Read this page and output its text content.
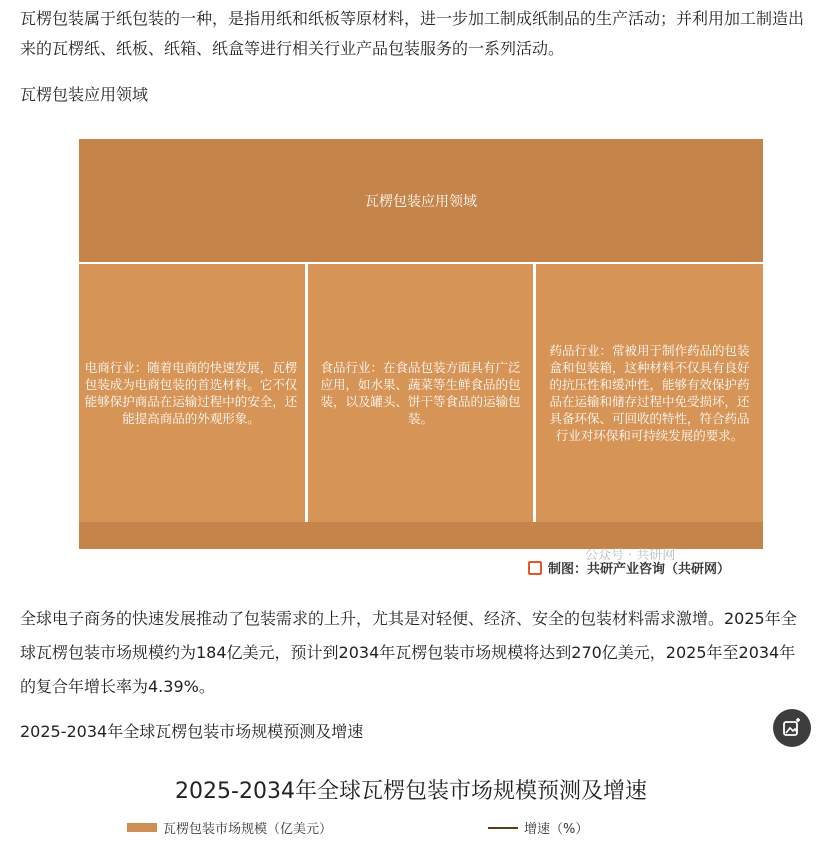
瓦楞包装属于纸包装的一种，是指用纸和纸板等原材料，进一步加工制成纸制品的生产活动；并利用加工制造出来的瓦楞纸、纸板、纸箱、纸盒等进行相关行业产品包装服务的一系列活动。

瓦楞包装应用领域
瓦楞包装应用领域
电商行业：随着电商的快速发展，瓦楞包装成为电商包装的首选材料。它不仅能够保护商品在运输过程中的安全，还能提高商品的外观形象。
食品行业：在食品包装方面具有广泛应用，如水果、蔬菜等生鲜食品的包装，以及罐头、饼干等食品的运输包装。
药品行业：常被用于制作药品的包装盒和包装箱，这种材料不仅具有良好的抗压性和缓冲性，能够有效保护药品在运输和储存过程中免受损坏，还具备环保、可回收的特性，符合药品行业对环保和可持续发展的要求。
公众号 · 共研网
制图：共研产业咨询（共研网）

全球电子商务的快速发展推动了包装需求的上升，尤其是对轻便、经济、安全的包装材料需求激增。2025年全球瓦楞包装市场规模约为184亿美元，预计到2034年瓦楞包装市场规模将达到270亿美元，2025年至2034年的复合年增长率为4.39%。

2025-2034年全球瓦楞包装市场规模预测及增速
2025-2034年全球瓦楞包装市场规模预测及增速
瓦楞包装市场规模（亿美元）	增速（%）
